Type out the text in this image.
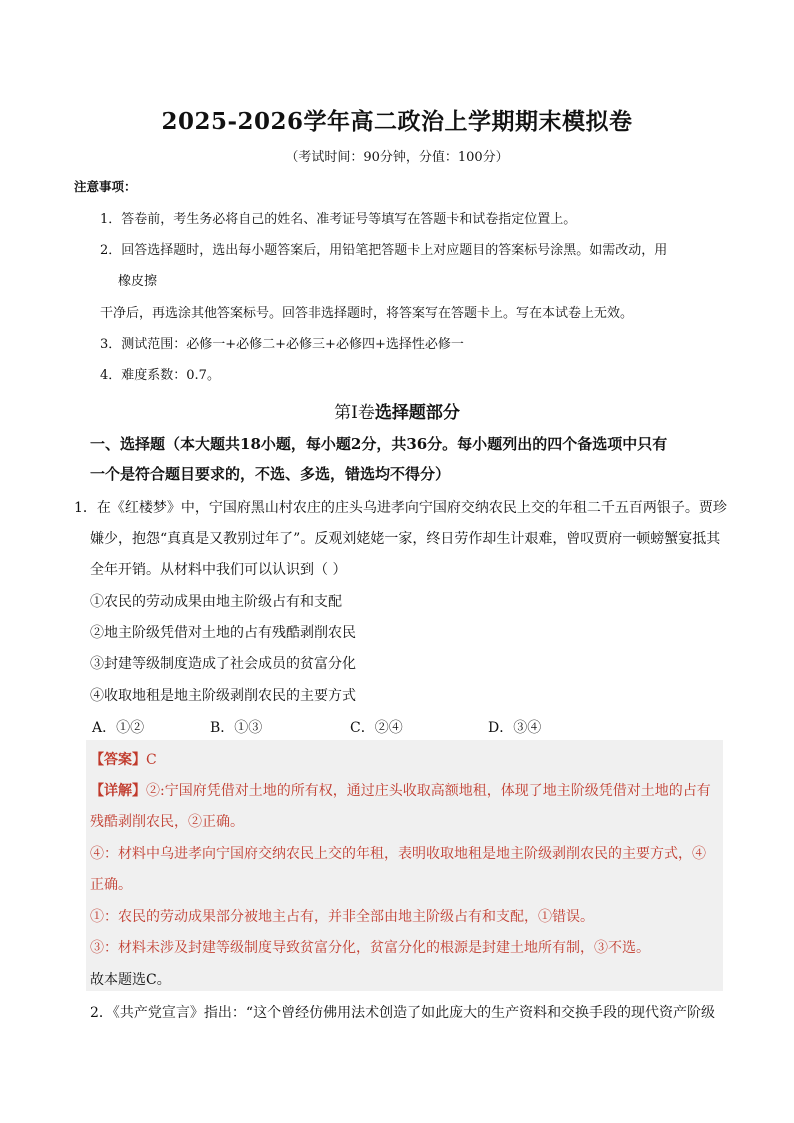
2025-2026学年高二政治上学期期末模拟卷
（考试时间：90分钟，分值：100分）
注意事项：
1．答卷前，考生务必将自己的姓名、准考证号等填写在答题卡和试卷指定位置上。
2．回答选择题时，选出每小题答案后，用铅笔把答题卡上对应题目的答案标号涂黑。如需改动，用
橡皮擦
干净后，再选涂其他答案标号。回答非选择题时，将答案写在答题卡上。写在本试卷上无效。
3．测试范围：必修一+必修二+必修三+必修四+选择性必修一
4．难度系数：0.7。
第Ⅰ卷选择题部分
一、选择题（本大题共18小题，每小题2分，共36分。每小题列出的四个备选项中只有
一个是符合题目要求的，不选、多选，错选均不得分）
1．在《红楼梦》中，宁国府黑山村农庄的庄头乌进孝向宁国府交纳农民上交的年租二千五百两银子。贾珍
嫌少，抱怨“真真是又教别过年了”。反观刘姥姥一家，终日劳作却生计艰难，曾叹贾府一顿螃蟹宴抵其
全年开销。从材料中我们可以认识到（ ）
①农民的劳动成果由地主阶级占有和支配
②地主阶级凭借对土地的占有残酷剥削农民
③封建等级制度造成了社会成员的贫富分化
④收取地租是地主阶级剥削农民的主要方式
A．①②	B．①③	C．②④	D．③④
【答案】C
【详解】②:宁国府凭借对土地的所有权，通过庄头收取高额地租，体现了地主阶级凭借对土地的占有
残酷剥削农民，②正确。
④：材料中乌进孝向宁国府交纳农民上交的年租，表明收取地租是地主阶级剥削农民的主要方式，④
正确。
①：农民的劳动成果部分被地主占有，并非全部由地主阶级占有和支配，①错误。
③：材料未涉及封建等级制度导致贫富分化，贫富分化的根源是封建土地所有制，③不选。
故本题选C。
2．《共产党宣言》指出：“这个曾经仿佛用法术创造了如此庞大的生产资料和交换手段的现代资产阶级
